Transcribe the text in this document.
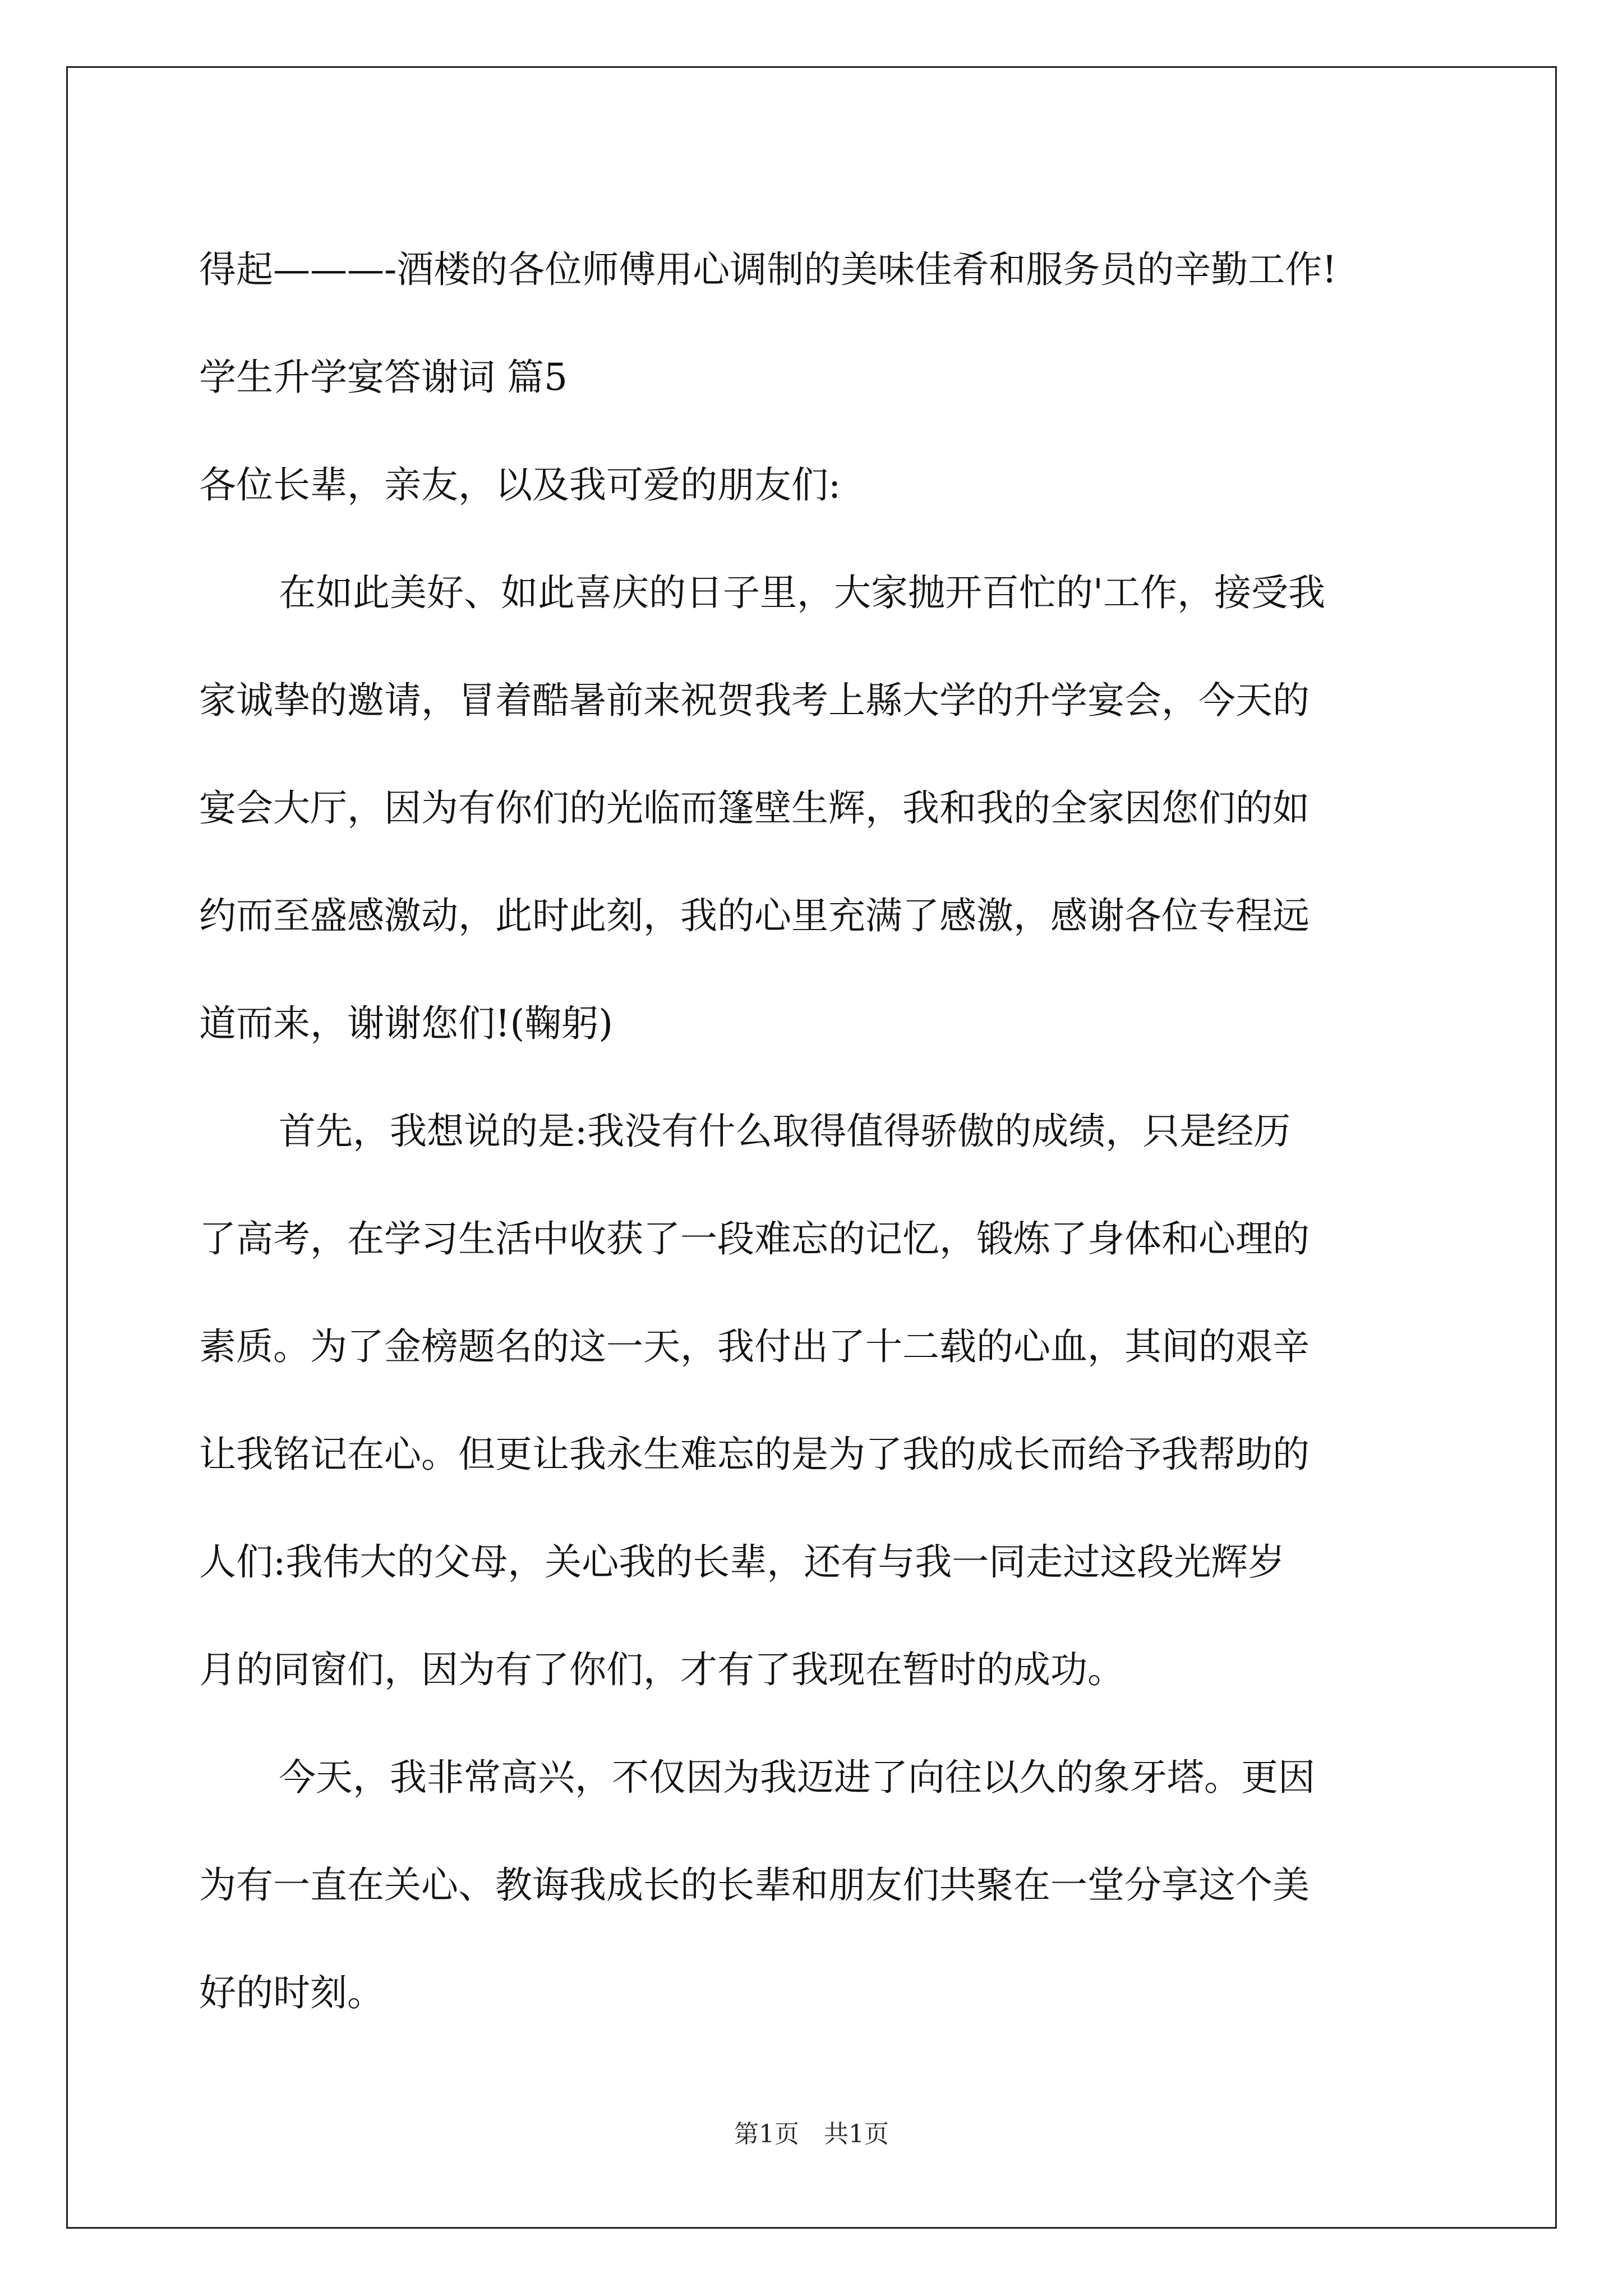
得起———-酒楼的各位师傅用心调制的美味佳肴和服务员的辛勤工作!
学生升学宴答谢词 篇5
各位长辈，亲友，以及我可爱的朋友们:
在如此美好、如此喜庆的日子里，大家抛开百忙的'工作，接受我
家诚挚的邀请，冒着酷暑前来祝贺我考上縣大学的升学宴会，今天的
宴会大厅，因为有你们的光临而篷壁生辉，我和我的全家因您们的如
约而至盛感激动，此时此刻，我的心里充满了感激，感谢各位专程远
道而来，谢谢您们!(鞠躬)
首先，我想说的是:我没有什么取得值得骄傲的成绩，只是经历
了高考，在学习生活中收获了一段难忘的记忆，锻炼了身体和心理的
素质。为了金榜题名的这一天，我付出了十二载的心血，其间的艰辛
让我铭记在心。但更让我永生难忘的是为了我的成长而给予我帮助的
人们:我伟大的父母，关心我的长辈，还有与我一同走过这段光辉岁
月的同窗们，因为有了你们，才有了我现在暂时的成功。
今天，我非常高兴，不仅因为我迈进了向往以久的象牙塔。更因
为有一直在关心、教诲我成长的长辈和朋友们共聚在一堂分享这个美
好的时刻。
第1页　共1页
